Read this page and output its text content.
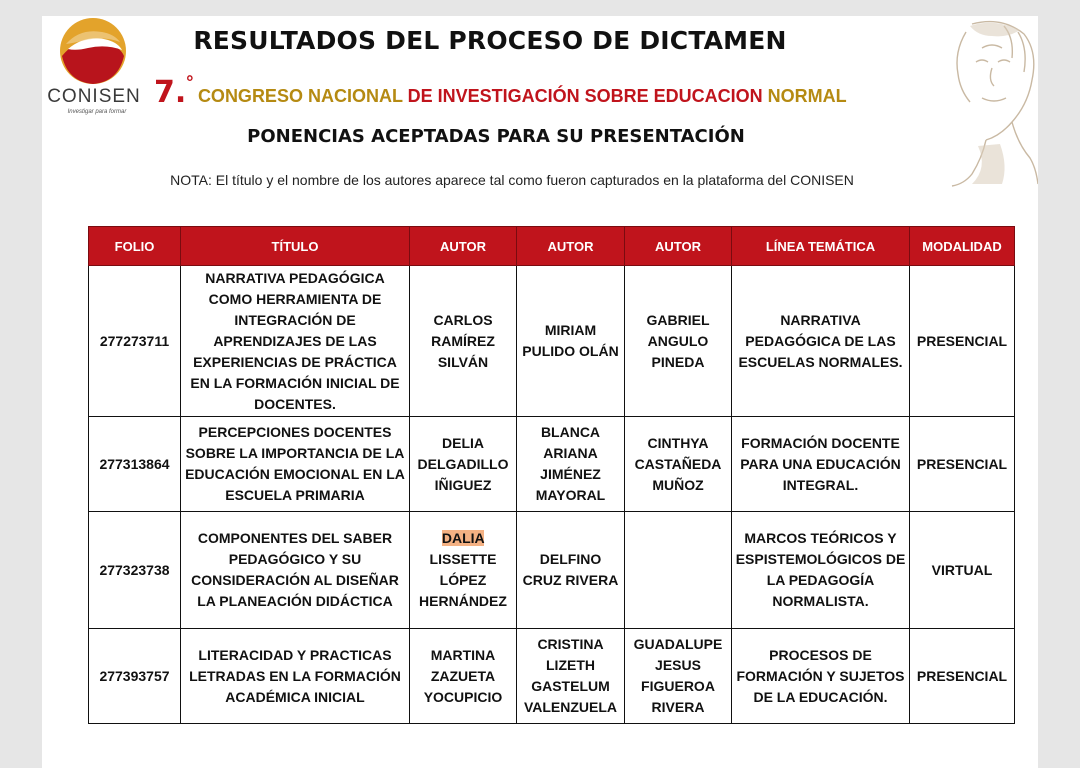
CONISEN
Investigar para formar
RESULTADOS DEL PROCESO DE DICTAMEN
7.° CONGRESO NACIONAL DE INVESTIGACIÓN SOBRE EDUCACION NORMAL
PONENCIAS ACEPTADAS PARA SU PRESENTACIÓN
NOTA: El título y el nombre de los autores aparece tal como fueron capturados en la plataforma del CONISEN
FOLIO	TÍTULO	AUTOR	AUTOR	AUTOR	LÍNEA TEMÁTICA	MODALIDAD
277273711	NARRATIVA PEDAGÓGICA COMO HERRAMIENTA DE INTEGRACIÓN DE APRENDIZAJES DE LAS EXPERIENCIAS DE PRÁCTICA EN LA FORMACIÓN INICIAL DE DOCENTES.	CARLOS RAMÍREZ SILVÁN	MIRIAM PULIDO OLÁN	GABRIEL ANGULO PINEDA	NARRATIVA PEDAGÓGICA DE LAS ESCUELAS NORMALES.	PRESENCIAL
277313864	PERCEPCIONES DOCENTES SOBRE LA IMPORTANCIA DE LA EDUCACIÓN EMOCIONAL EN LA ESCUELA PRIMARIA	DELIA DELGADILLO IÑIGUEZ	BLANCA ARIANA JIMÉNEZ MAYORAL	CINTHYA CASTAÑEDA MUÑOZ	FORMACIÓN DOCENTE PARA UNA EDUCACIÓN INTEGRAL.	PRESENCIAL
277323738	COMPONENTES DEL SABER PEDAGÓGICO Y SU CONSIDERACIÓN AL DISEÑAR LA PLANEACIÓN DIDÁCTICA	DALIA LISSETTE LÓPEZ HERNÁNDEZ	DELFINO CRUZ RIVERA		MARCOS TEÓRICOS Y ESPISTEMOLÓGICOS DE LA PEDAGOGÍA NORMALISTA.	VIRTUAL
277393757	LITERACIDAD Y PRACTICAS LETRADAS EN LA FORMACIÓN ACADÉMICA INICIAL	MARTINA ZAZUETA YOCUPICIO	CRISTINA LIZETH GASTELUM VALENZUELA	GUADALUPE JESUS FIGUEROA RIVERA	PROCESOS DE FORMACIÓN Y SUJETOS DE LA EDUCACIÓN.	PRESENCIAL
